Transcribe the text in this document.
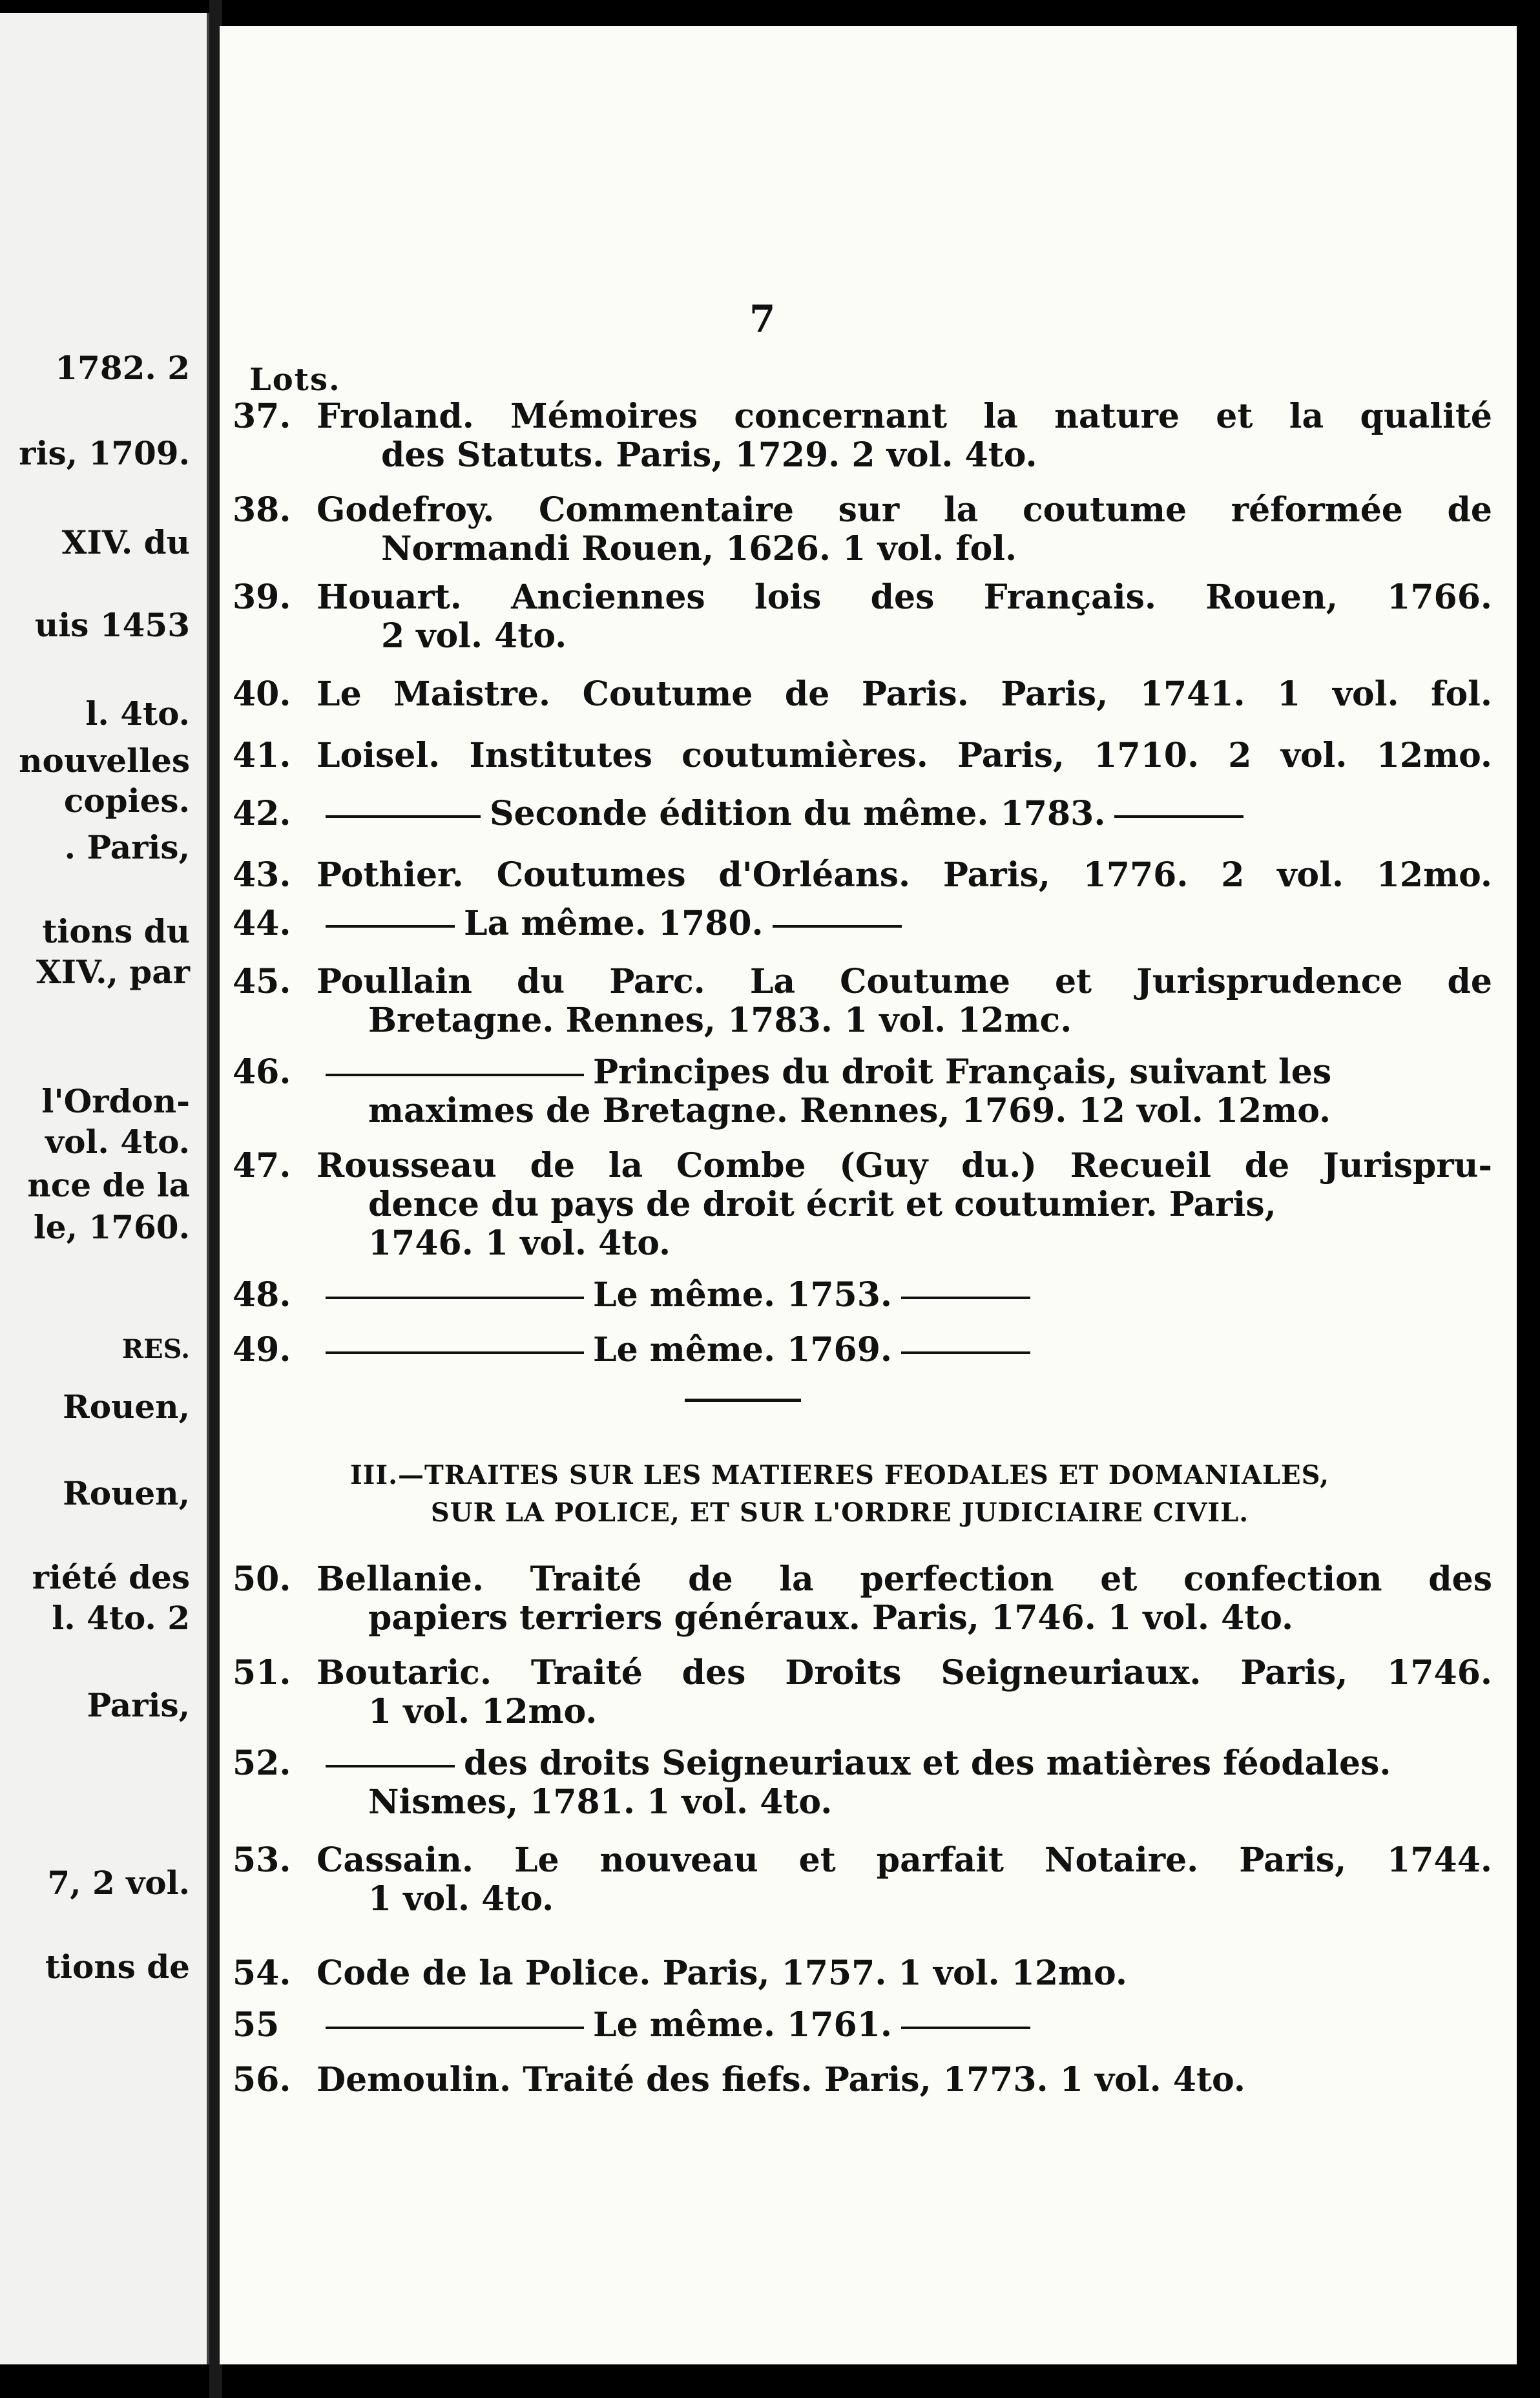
1782. 2
ris, 1709.
XIV. du
uis 1453
l. 4to.
nouvelles
copies.
. Paris,
tions du
XIV., par
l'Ordon-
vol. 4to.
nce de la
le, 1760.
RES.
Rouen,
Rouen,
riété des
l. 4to. 2
Paris,
7, 2 vol.
tions de
7
Lots.
37. Froland. Mémoires concernant la nature et la qualité
des Statuts. Paris, 1729. 2 vol. 4to.
38. Godefroy. Commentaire sur la coutume réformée de
Normandi Rouen, 1626. 1 vol. fol.
39. Houart. Anciennes lois des Français. Rouen, 1766.
2 vol. 4to.
40. Le Maistre. Coutume de Paris. Paris, 1741. 1 vol. fol.
41. Loisel. Institutes coutumières. Paris, 1710. 2 vol. 12mo.
42.	Seconde édition du même. 1783.
43. Pothier. Coutumes d'Orléans. Paris, 1776. 2 vol. 12mo.
44.	La même. 1780.
45. Poullain du Parc. La Coutume et Jurisprudence de
Bretagne. Rennes, 1783. 1 vol. 12mc.
46.	Principes du droit Français, suivant les
maximes de Bretagne. Rennes, 1769. 12 vol. 12mo.
47. Rousseau de la Combe (Guy du.) Recueil de Jurispru-
dence du pays de droit écrit et coutumier. Paris,
1746. 1 vol. 4to.
48.	Le même. 1753.
49.	Le même. 1769.
III.—TRAITES SUR LES MATIERES FEODALES ET DOMANIALES,
SUR LA POLICE, ET SUR L'ORDRE JUDICIAIRE CIVIL.
50. Bellanie. Traité de la perfection et confection des
papiers terriers généraux. Paris, 1746. 1 vol. 4to.
51. Boutaric. Traité des Droits Seigneuriaux. Paris, 1746.
1 vol. 12mo.
52.	des droits Seigneuriaux et des matières féodales.
Nismes, 1781. 1 vol. 4to.
53. Cassain. Le nouveau et parfait Notaire. Paris, 1744.
1 vol. 4to.
54. Code de la Police. Paris, 1757. 1 vol. 12mo.
55	Le même. 1761.
56. Demoulin. Traité des fiefs. Paris, 1773. 1 vol. 4to.
